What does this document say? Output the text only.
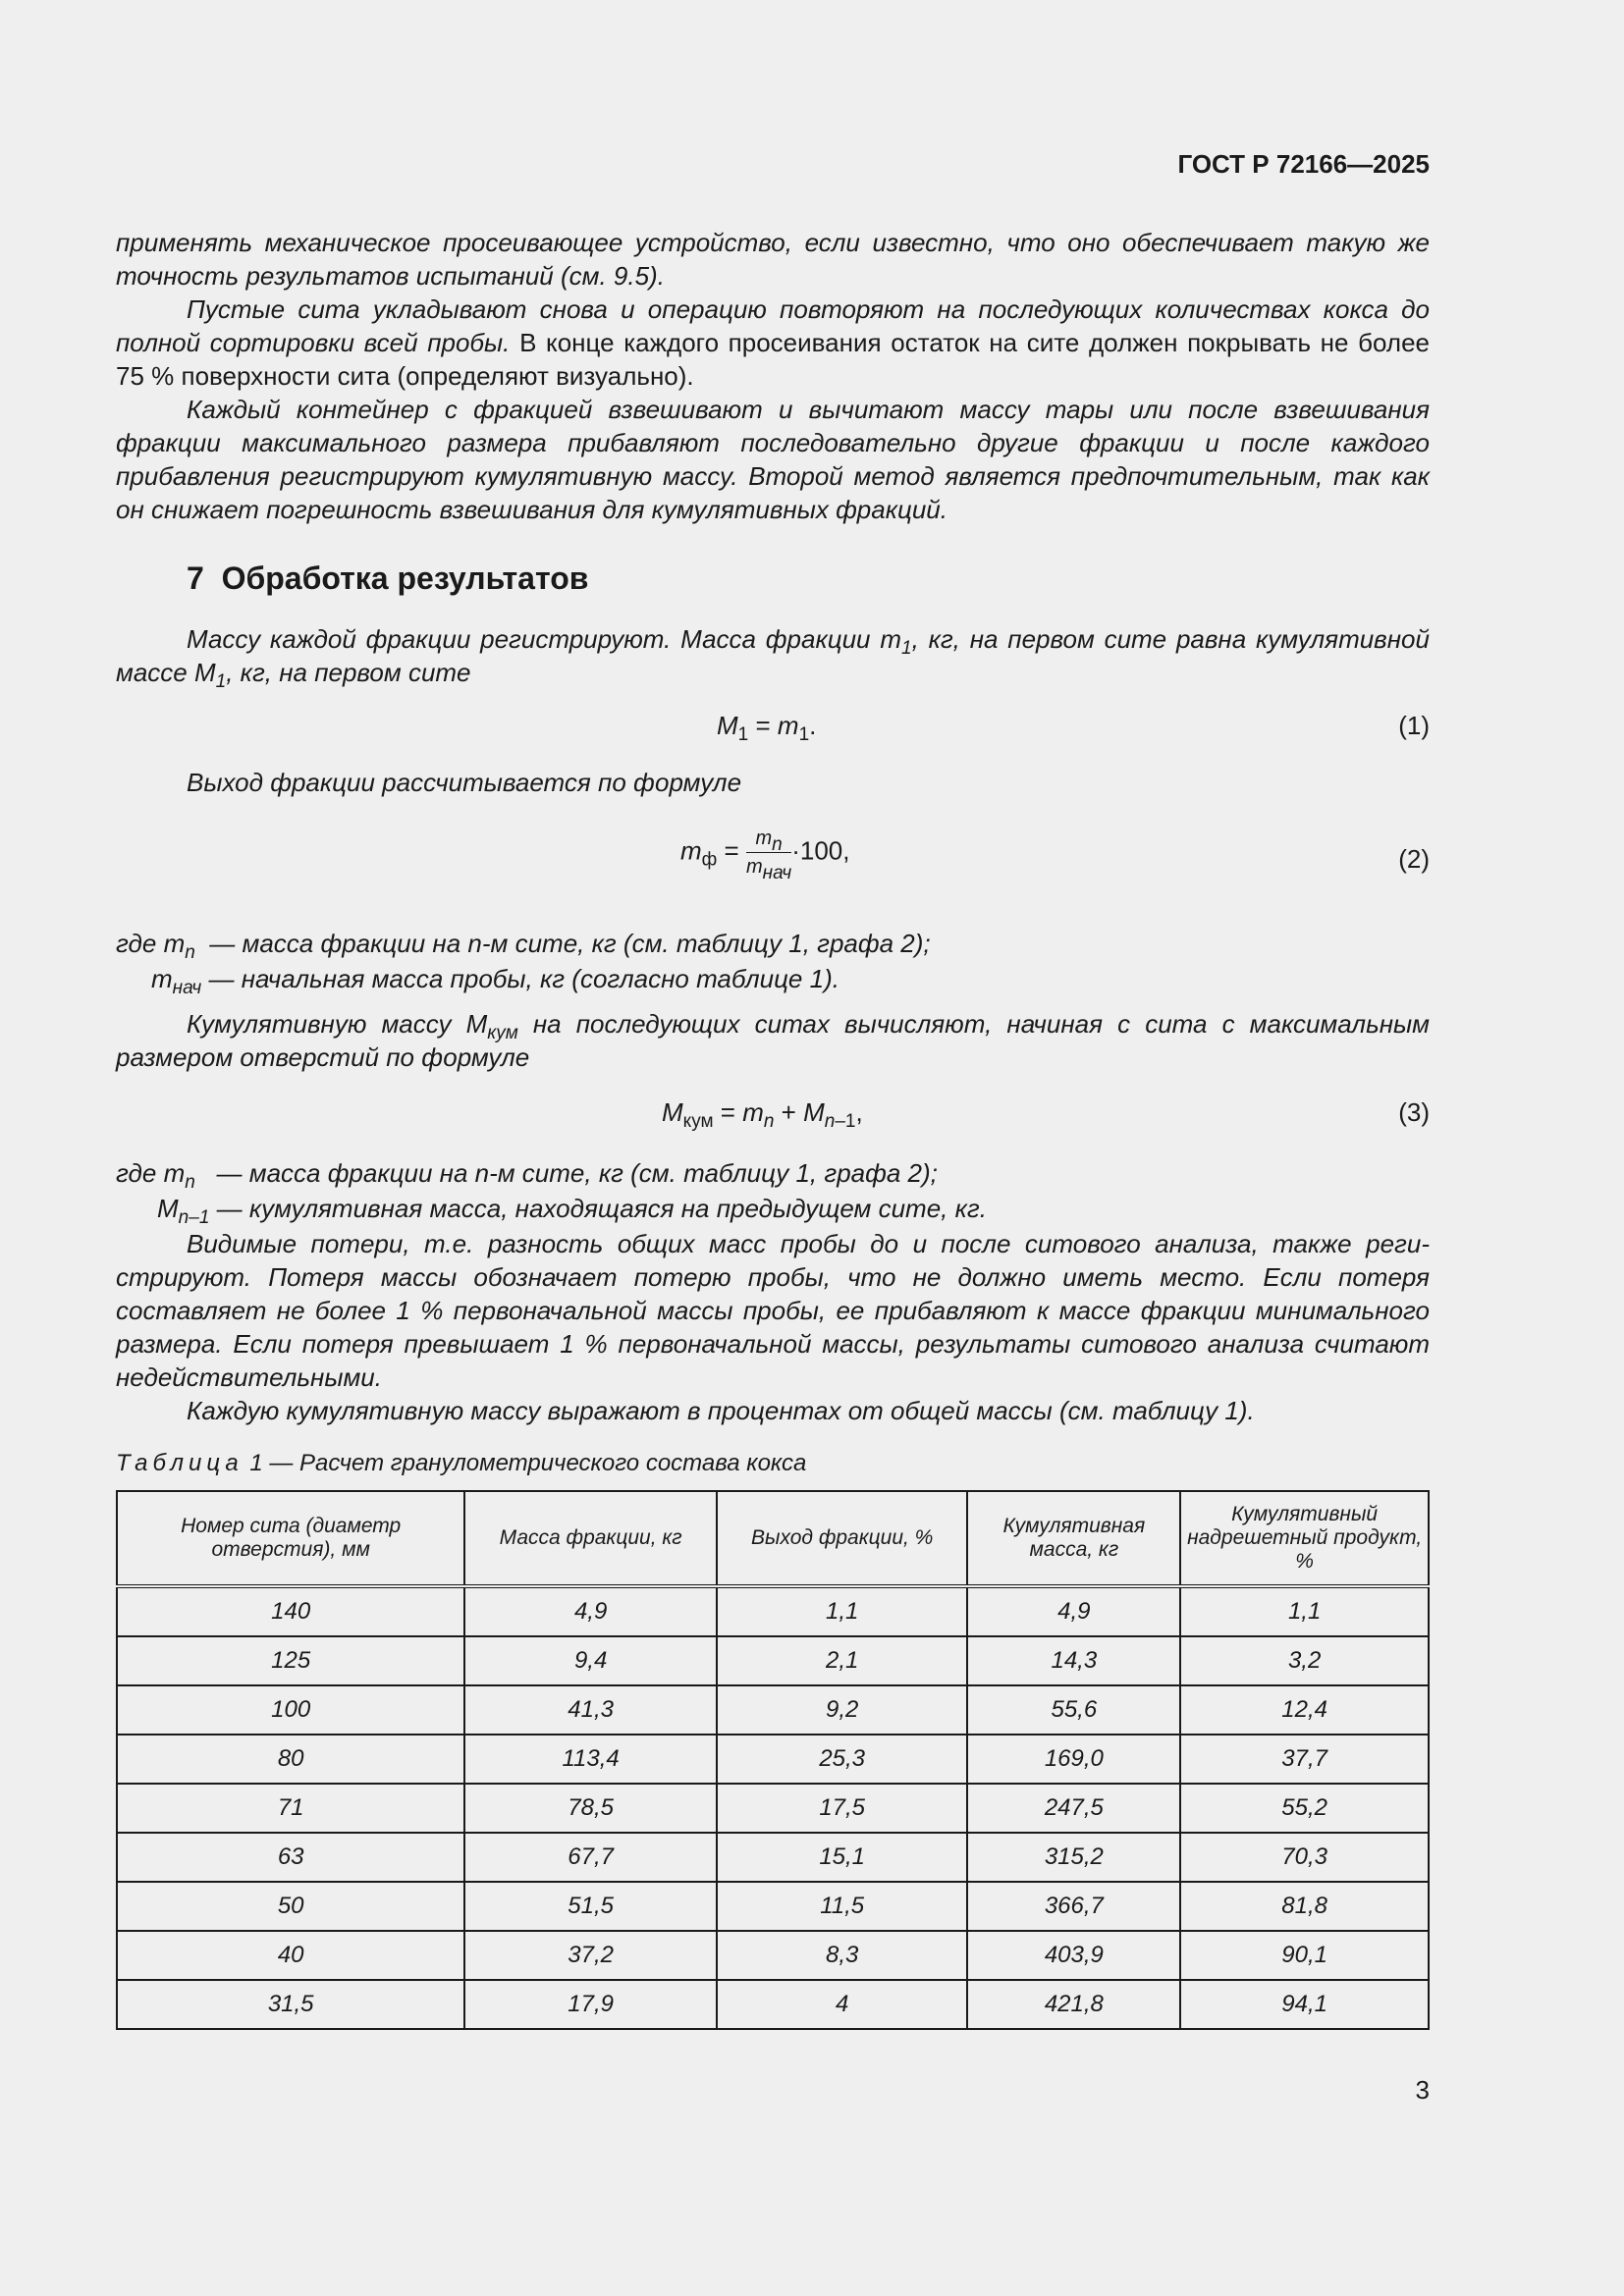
ГОСТ Р 72166—2025

применять механическое просеивающее устройство, если известно, что оно обеспечивает такую же точность результатов испытаний (см. 9.5).

Пустые сита укладывают снова и операцию повторяют на последующих количествах кокса до полной сортировки всей пробы. В конце каждого просеивания остаток на сите должен покрывать не более 75 % поверхности сита (определяют визуально).

Каждый контейнер с фракцией взвешивают и вычитают массу тары или после взвешивания фракции максимального размера прибавляют последовательно другие фракции и после каждого прибавления регистрируют кумулятивную массу. Второй метод является предпочтительным, так как он снижает погрешность взвешивания для кумулятивных фракций.

7 Обработка результатов

Массу каждой фракции регистрируют. Масса фракции $m_1$, кг, на первом сите равна кумулятивной массе $M_1$, кг, на первом сите

$M_1 = m_1$.	(1)

Выход фракции рассчитывается по формуле

$m_ф = \frac{m_n}{m_{нач}} \cdot 100$,	(2)
где $m_n$  — масса фракции на n-м сите, кг (см. таблицу 1, графа 2);
$m_{нач}$ — начальная масса пробы, кг (согласно таблице 1).

Кумулятивную массу $M_{кум}$ на последующих ситах вычисляют, начиная с сита с максимальным размером отверстий по формуле

$M_{кум} = m_n + M_{n-1}$,	(3)
где $m_n$   — масса фракции на n-м сите, кг (см. таблицу 1, графа 2);
$M_{n-1}$ — кумулятивная масса, находящаяся на предыдущем сите, кг.

Видимые потери, т.е. разность общих масс пробы до и после ситового анализа, также регистрируют. Потеря массы обозначает потерю пробы, что не должно иметь место. Если потеря составляет не более 1 % первоначальной массы пробы, ее прибавляют к массе фракции минимального размера. Если потеря превышает 1 % первоначальной массы, результаты ситового анализа считают недействительными.

Каждую кумулятивную массу выражают в процентах от общей массы (см. таблицу 1).

Таблица 1 — Расчет гранулометрического состава кокса
Номер сита (диаметр отверстия), мм	Масса фракции, кг	Выход фракции, %	Кумулятивная масса, кг	Кумулятивный надрешетный продукт, %
140	4,9	1,1	4,9	1,1
125	9,4	2,1	14,3	3,2
100	41,3	9,2	55,6	12,4
80	113,4	25,3	169,0	37,7
71	78,5	17,5	247,5	55,2
63	67,7	15,1	315,2	70,3
50	51,5	11,5	366,7	81,8
40	37,2	8,3	403,9	90,1
31,5	17,9	4	421,8	94,1
3
